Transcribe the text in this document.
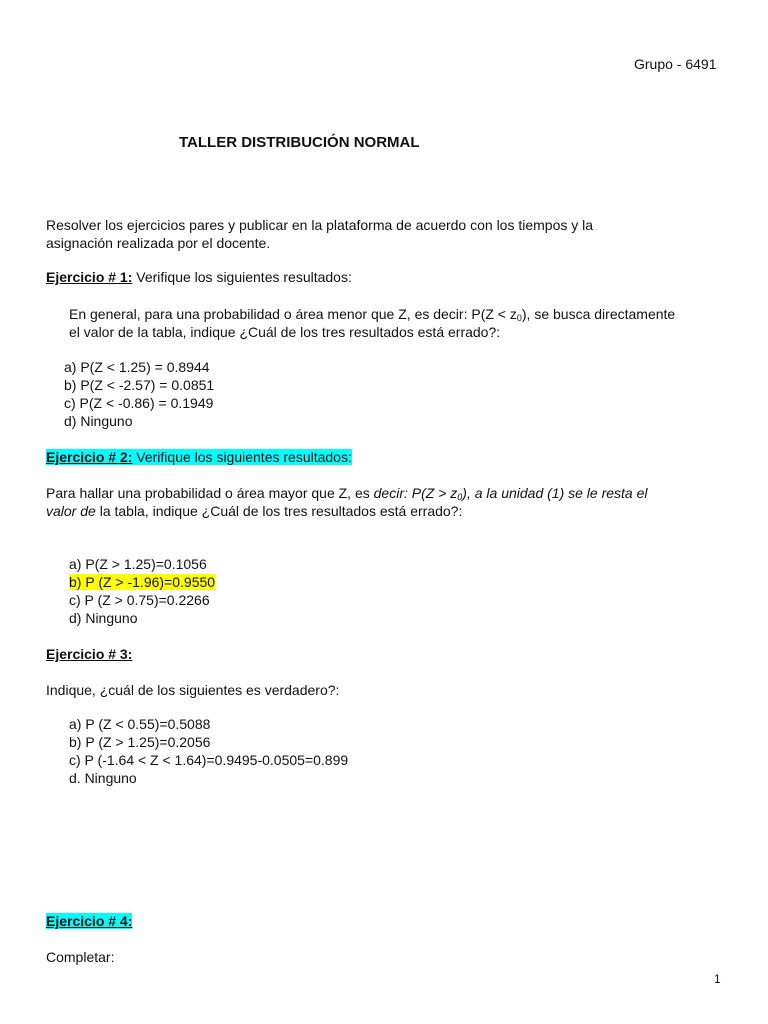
Grupo - 6491
TALLER DISTRIBUCIÓN NORMAL
Resolver los ejercicios pares y publicar en la plataforma de acuerdo con los tiempos y la
asignación realizada por el docente.
Ejercicio # 1: Verifique los siguientes resultados:
En general, para una probabilidad o área menor que Z, es decir: $P(Z < z_0)$, se busca directamente
el valor de la tabla, indique ¿Cuál de los tres resultados está errado?:
a) P(Z < 1.25) = 0.8944
b) P(Z < -2.57) = 0.0851
c) P(Z < -0.86) = 0.1949
d) Ninguno
Ejercicio # 2: Verifique los siguientes resultados:
Para hallar una probabilidad o área mayor que Z, es decir: $P(Z > z_0)$, a la unidad (1) se le resta el
valor de la tabla, indique ¿Cuál de los tres resultados está errado?:
a) P(Z > 1.25)=0.1056
b) P (Z > -1.96)=0.9550
c) P (Z > 0.75)=0.2266
d) Ninguno
Ejercicio # 3:
Indique, ¿cuál de los siguientes es verdadero?:
a) P (Z < 0.55)=0.5088
b) P (Z > 1.25)=0.2056
c) P (-1.64 < Z < 1.64)=0.9495-0.0505=0.899
d. Ninguno
Ejercicio # 4:
Completar:
1
